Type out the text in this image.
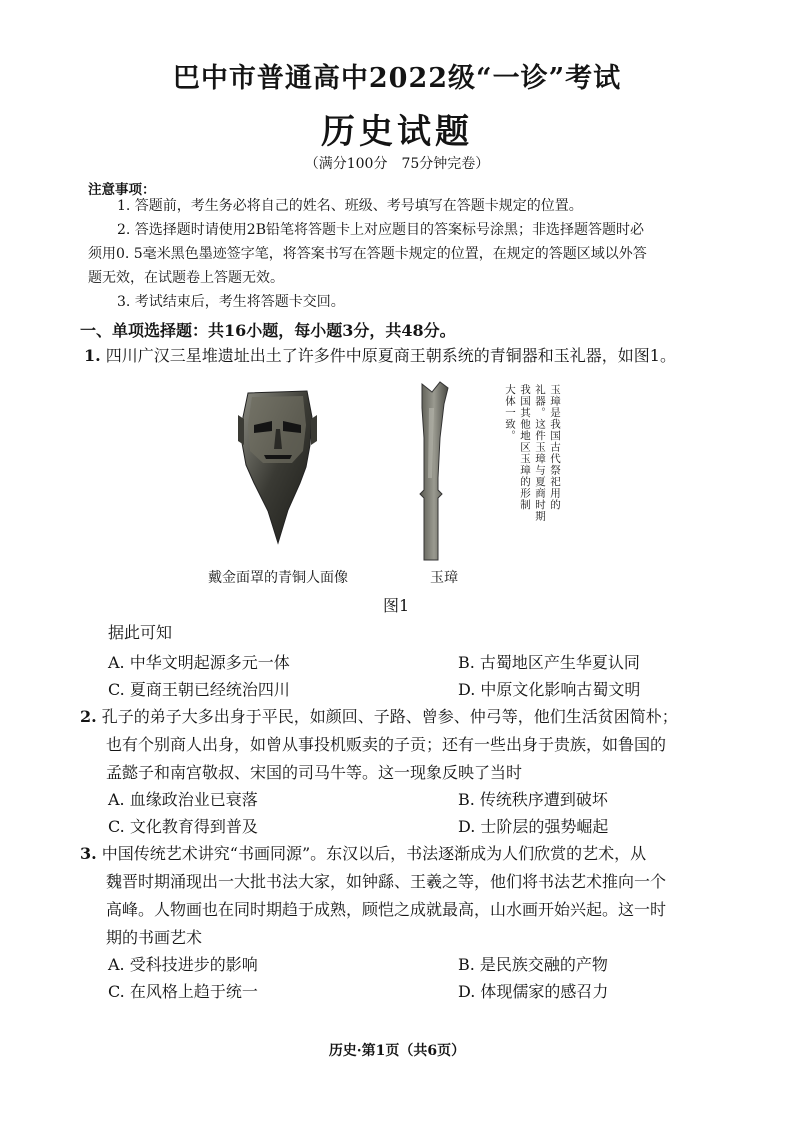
巴中市普通高中2022级“一诊”考试
历史试题
（满分100分　75分钟完卷）
注意事项：
1. 答题前，考生务必将自己的姓名、班级、考号填写在答题卡规定的位置。
2. 答选择题时请使用2B铅笔将答题卡上对应题目的答案标号涂黑；非选择题答题时必
须用0. 5毫米黑色墨迹签字笔，将答案书写在答题卡规定的位置，在规定的答题区域以外答
题无效，在试题卷上答题无效。
3. 考试结束后，考生将答题卡交回。
一、单项选择题：共16小题，每小题3分，共48分。
1. 四川广汉三星堆遗址出土了许多件中原夏商王朝系统的青铜器和玉礼器，如图1。
玉璋是我国古代祭祀用的
礼器。这件玉璋与夏商时期
我国其他地区玉璋的形制
大体一致。
戴金面罩的青铜人面像	玉璋
图1
据此可知
A. 中华文明起源多元一体	B. 古蜀地区产生华夏认同
C. 夏商王朝已经统治四川	D. 中原文化影响古蜀文明
2. 孔子的弟子大多出身于平民，如颜回、子路、曾参、仲弓等，他们生活贫困简朴；
也有个别商人出身，如曾从事投机贩卖的子贡；还有一些出身于贵族，如鲁国的
孟懿子和南宫敬叔、宋国的司马牛等。这一现象反映了当时
A. 血缘政治业已衰落	B. 传统秩序遭到破坏
C. 文化教育得到普及	D. 士阶层的强势崛起
3. 中国传统艺术讲究“书画同源”。东汉以后，书法逐渐成为人们欣赏的艺术，从
魏晋时期涌现出一大批书法大家，如钟繇、王羲之等，他们将书法艺术推向一个
高峰。人物画也在同时期趋于成熟，顾恺之成就最高，山水画开始兴起。这一时
期的书画艺术
A. 受科技进步的影响	B. 是民族交融的产物
C. 在风格上趋于统一	D. 体现儒家的感召力
历史·第1页（共6页）
